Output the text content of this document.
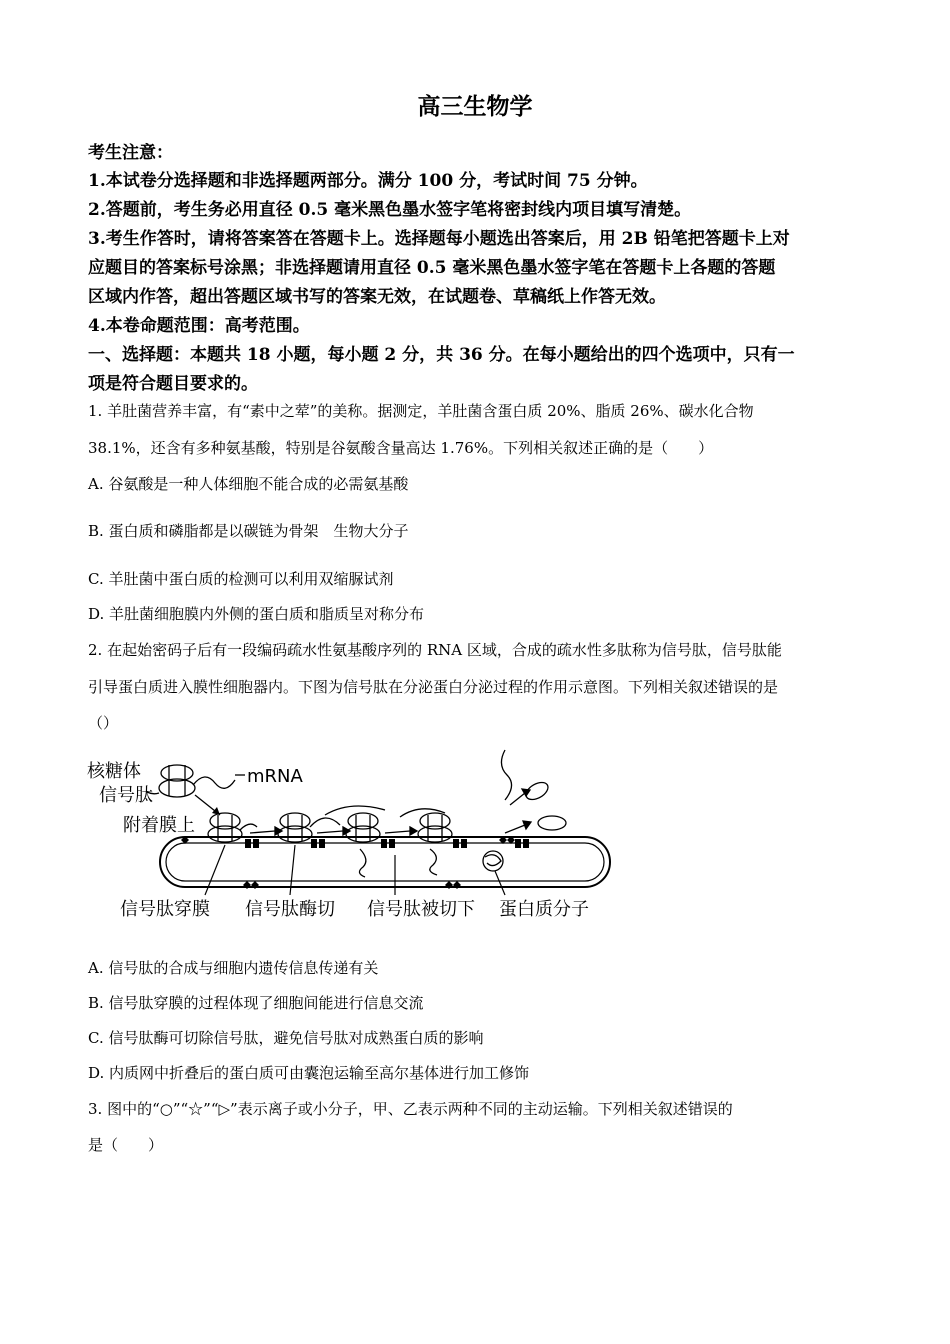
高三生物学
考生注意：
1.本试卷分选择题和非选择题两部分。满分 100 分，考试时间 75 分钟。
2.答题前，考生务必用直径 0.5 毫米黑色墨水签字笔将密封线内项目填写清楚。
3.考生作答时，请将答案答在答题卡上。选择题每小题选出答案后，用 2B 铅笔把答题卡上对
应题目的答案标号涂黑；非选择题请用直径 0.5 毫米黑色墨水签字笔在答题卡上各题的答题
区域内作答，超出答题区域书写的答案无效，在试题卷、草稿纸上作答无效。
4.本卷命题范围：高考范围。
一、选择题：本题共 18 小题，每小题 2 分，共 36 分。在每小题给出的四个选项中，只有一
项是符合题目要求的。
1. 羊肚菌营养丰富，有“素中之荤”的美称。据测定，羊肚菌含蛋白质 20%、脂质 26%、碳水化合物
38.1%，还含有多种氨基酸，特别是谷氨酸含量高达 1.76%。下列相关叙述正确的是（　　）
A. 谷氨酸是一种人体细胞不能合成的必需氨基酸
B. 蛋白质和磷脂都是以碳链为骨架　生物大分子
C. 羊肚菌中蛋白质的检测可以利用双缩脲试剂
D. 羊肚菌细胞膜内外侧的蛋白质和脂质呈对称分布
2. 在起始密码子后有一段编码疏水性氨基酸序列的 RNA 区域，合成的疏水性多肽称为信号肽，信号肽能
引导蛋白质进入膜性细胞器内。下图为信号肽在分泌蛋白分泌过程的作用示意图。下列相关叙述错误的是
（）
核糖体	mRNA
信号肽
附着膜上
信号肽穿膜 信号肽酶切 信号肽被切下 蛋白质分子
A. 信号肽的合成与细胞内遗传信息传递有关
B. 信号肽穿膜的过程体现了细胞间能进行信息交流
C. 信号肽酶可切除信号肽，避免信号肽对成熟蛋白质的影响
D. 内质网中折叠后的蛋白质可由囊泡运输至高尔基体进行加工修饰
3. 图中的“○”“☆”“▷”表示离子或小分子，甲、乙表示两种不同的主动运输。下列相关叙述错误的
是（　　）
